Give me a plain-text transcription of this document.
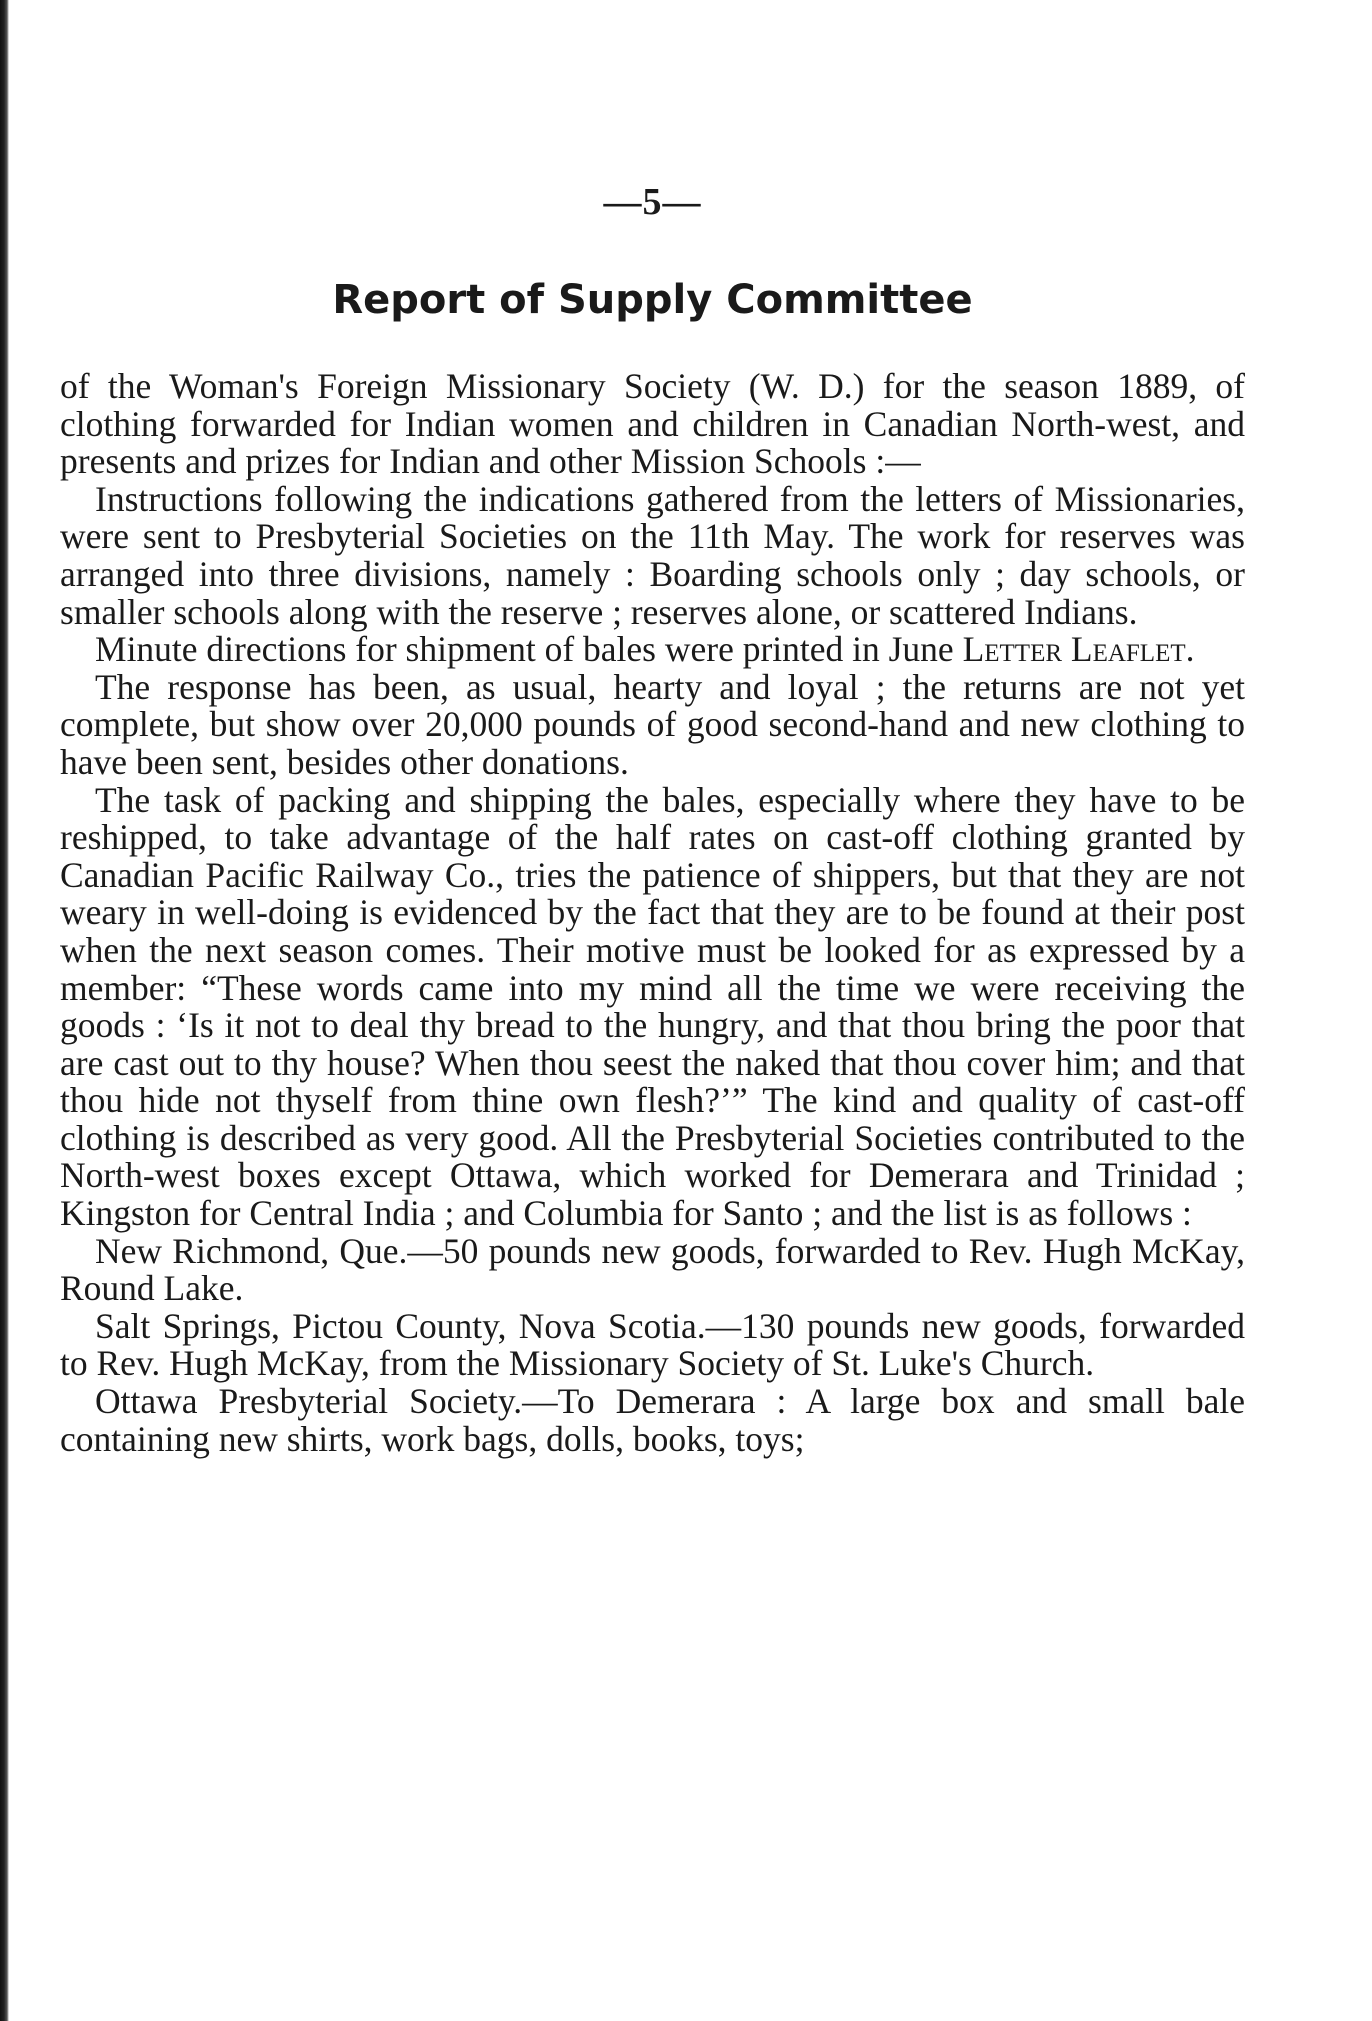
—5—
Report of Supply Committee

of the Woman's Foreign Missionary Society (W. D.) for the season 1889, of clothing forwarded for Indian women and children in Canadian North-west, and presents and prizes for Indian and other Mission Schools :—

Instructions following the indications gathered from the letters of Missionaries, were sent to Presbyterial Societies on the 11th May. The work for reserves was arranged into three divisions, namely : Boarding schools only ; day schools, or smaller schools along with the reserve ; reserves alone, or scattered Indians.

Minute directions for shipment of bales were printed in June Letter Leaflet.

The response has been, as usual, hearty and loyal ; the returns are not yet complete, but show over 20,000 pounds of good second-hand and new clothing to have been sent, besides other donations.

The task of packing and shipping the bales, especially where they have to be reshipped, to take advantage of the half rates on cast-off clothing granted by Canadian Pacific Railway Co., tries the patience of shippers, but that they are not weary in well-doing is evidenced by the fact that they are to be found at their post when the next season comes. Their motive must be looked for as expressed by a member: “These words came into my mind all the time we were receiving the goods : ‘Is it not to deal thy bread to the hungry, and that thou bring the poor that are cast out to thy house? When thou seest the naked that thou cover him; and that thou hide not thyself from thine own flesh?’” The kind and quality of cast-off clothing is described as very good. All the Presbyterial Societies contributed to the North-west boxes except Ottawa, which worked for Demerara and Trinidad ; Kingston for Central India ; and Columbia for Santo ; and the list is as follows :

New Richmond, Que.—50 pounds new goods, forwarded to Rev. Hugh McKay, Round Lake.

Salt Springs, Pictou County, Nova Scotia.—130 pounds new goods, forwarded to Rev. Hugh McKay, from the Missionary Society of St. Luke's Church.

Ottawa Presbyterial Society.—To Demerara : A large box and small bale containing new shirts, work bags, dolls, books, toys;
